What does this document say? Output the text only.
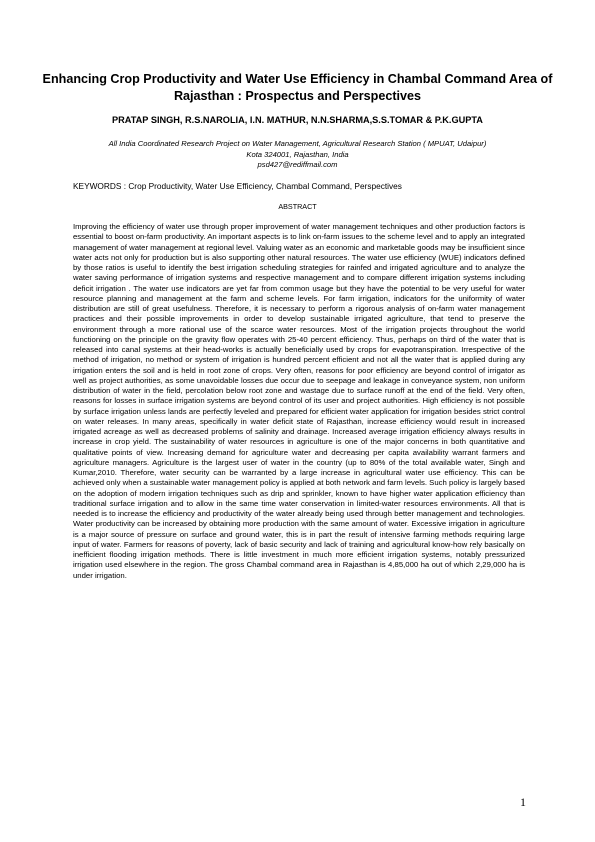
Enhancing Crop Productivity and Water Use Efficiency in Chambal Command Area of Rajasthan : Prospectus and Perspectives
PRATAP SINGH, R.S.NAROLIA, I.N. MATHUR, N.N.SHARMA,S.S.TOMAR & P.K.GUPTA
All India Coordinated Research Project on Water Management, Agricultural Research Station ( MPUAT, Udaipur)
Kota 324001, Rajasthan, India
psd427@rediffmail.com
KEYWORDS : Crop Productivity, Water Use Efficiency, Chambal Command, Perspectives
ABSTRACT

Improving the efficiency of water use through proper improvement of water management techniques and other production factors is essential to boost on-farm productivity. An important aspects is to link on-farm issues to the scheme level and to apply an integrated management of water management at regional level. Valuing water as an economic and marketable goods may be insufficient since water acts not only for production but is also supporting other natural resources. The water use efficiency (WUE) indicators defined by those ratios is useful to identify the best irrigation scheduling strategies for rainfed and irrigated agriculture and to analyze the water saving performance of irrigation systems and respective management and to compare different irrigation systems including deficit irrigation . The water use indicators are yet far from common usage but they have the potential to be very useful for water resource planning and management at the farm and scheme levels. For farm irrigation, indicators for the uniformity of water distribution are still of great usefulness. Therefore, it is necessary to perform a rigorous analysis of on-farm water management practices and their possible improvements in order to develop sustainable irrigated agriculture, that tend to preserve the environment through a more rational use of the scarce water resources. Most of the irrigation projects throughout the world functioning on the principle on the gravity flow operates with 25-40 percent efficiency. Thus, perhaps on third of the water that is released into canal systems at their head-works is actually beneficially used by crops for evapotranspiration. Irrespective of the method of irrigation, no method or system of irrigation is hundred percent efficient and not all the water that is applied during any irrigation enters the soil and is held in root zone of crops. Very often, reasons for poor efficiency are beyond control of irrigator as well as project authorities, as some unavoidable losses due occur due to seepage and leakage in conveyance system, non uniform distribution of water in the field, percolation below root zone and wastage due to surface runoff at the end of the field. Very often, reasons for losses in surface irrigation systems are beyond control of its user and project authorities. High efficiency is not possible by surface irrigation unless lands are perfectly leveled and prepared for efficient water application for irrigation besides strict control on water releases. In many areas, specifically in water deficit state of Rajasthan, increase efficiency would result in increased irrigated acreage as well as decreased problems of salinity and drainage. Increased average irrigation efficiency always results in increase in crop yield. The sustainability of water resources in agriculture is one of the major concerns in both quantitative and qualitative points of view. Increasing demand for agriculture water and decreasing per capita availability warrant farmers and agriculture managers. Agriculture is the largest user of water in the country (up to 80% of the total available water, Singh and Kumar,2010. Therefore, water security can be warranted by a large increase in agricultural water use efficiency. This can be achieved only when a sustainable water management policy is applied at both network and farm levels. Such policy is largely based on the adoption of modern irrigation techniques such as drip and sprinkler, known to have higher water application efficiency than traditional surface irrigation and to allow in the same time water conservation in limited-water resources environments. All that is needed is to increase the efficiency and productivity of the water already being used through better management and technologies. Water productivity can be increased by obtaining more production with the same amount of water. Excessive irrigation in agriculture is a major source of pressure on surface and ground water, this is in part the result of intensive farming methods requiring large input of water. Farmers for reasons of poverty, lack of basic security and lack of training and agricultural know-how rely basically on inefficient flooding irrigation methods. There is little investment in much more efficient irrigation systems, notably pressurized irrigation used elsewhere in the region. The gross Chambal command area in Rajasthan is 4,85,000 ha out of which 2,29,000 ha is under irrigation.

1
